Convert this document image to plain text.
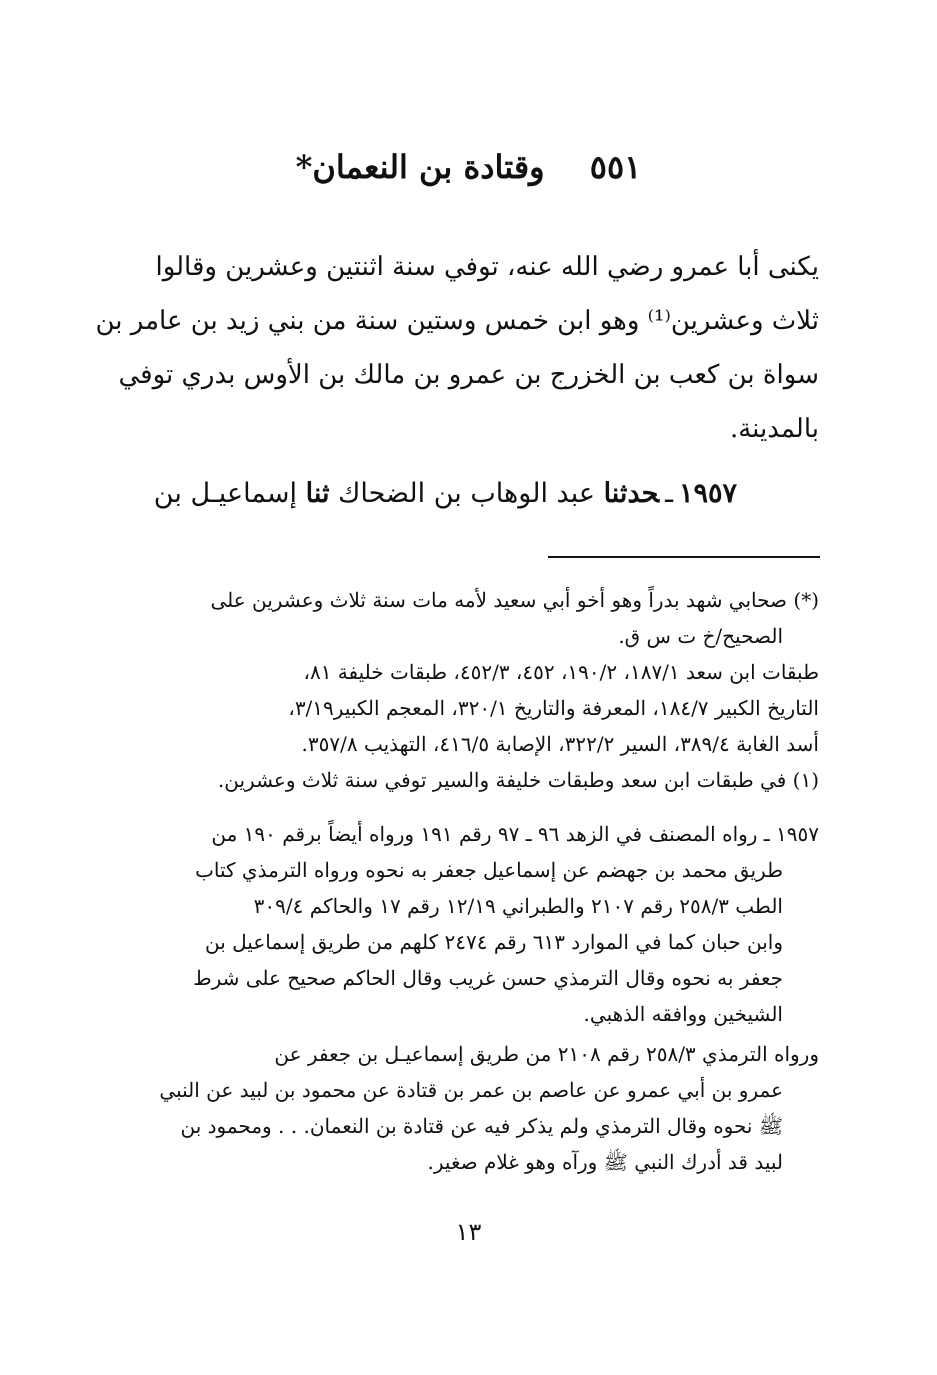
٥٥١ وقتادة بن النعمان*
يكنى أبا عمرو رضي الله عنه، توفي سنة اثنتين وعشرين وقالوا
ثلاث وعشرين⁽¹⁾ وهو ابن خمس وستين سنة من بني زيد بن عامر بن
سواة بن كعب بن الخزرج بن عمرو بن مالك بن الأوس بدري توفي
بالمدينة.
١٩٥٧ـحدثنا عبد الوهاب بن الضحاك ثنا إسماعيـل بن
(*) صحابي شهد بدراً وهو أخو أبي سعيد لأمه مات سنة ثلاث وعشرين على
الصحيح/خ ت س ق.
طبقات ابن سعد ١٨٧/١، ١٩٠/٢، ٤٥٢، ٤٥٢/٣، طبقات خليفة ٨١،
التاريخ الكبير ١٨٤/٧، المعرفة والتاريخ ٣٢٠/١، المعجم الكبير٣/١٩،
أسد الغابة ٣٨٩/٤، السير ٣٢٢/٢، الإصابة ٤١٦/٥، التهذيب ٣٥٧/٨.
(١) في طبقات ابن سعد وطبقات خليفة والسير توفي سنة ثلاث وعشرين.
١٩٥٧ ـ رواه المصنف في الزهد ٩٦ ـ ٩٧ رقم ١٩١ ورواه أيضاً برقم ١٩٠ من
طريق محمد بن جهضم عن إسماعيل جعفر به نحوه ورواه الترمذي كتاب
الطب ٢٥٨/٣ رقم ٢١٠٧ والطبراني ١٢/١٩ رقم ١٧ والحاكم ٣٠٩/٤
وابن حبان كما في الموارد ٦١٣ رقم ٢٤٧٤ كلهم من طريق إسماعيل بن
جعفر به نحوه وقال الترمذي حسن غريب وقال الحاكم صحيح على شرط
الشيخين ووافقه الذهبي.
ورواه الترمذي ٢٥٨/٣ رقم ٢١٠٨ من طريق إسماعيـل بن جعفر عن
عمرو بن أبي عمرو عن عاصم بن عمر بن قتادة عن محمود بن لبيد عن النبي
ﷺ نحوه وقال الترمذي ولم يذكر فيه عن قتادة بن النعمان. . . ومحمود بن
لبيد قد أدرك النبي ﷺ ورآه وهو غلام صغير.
١٣
